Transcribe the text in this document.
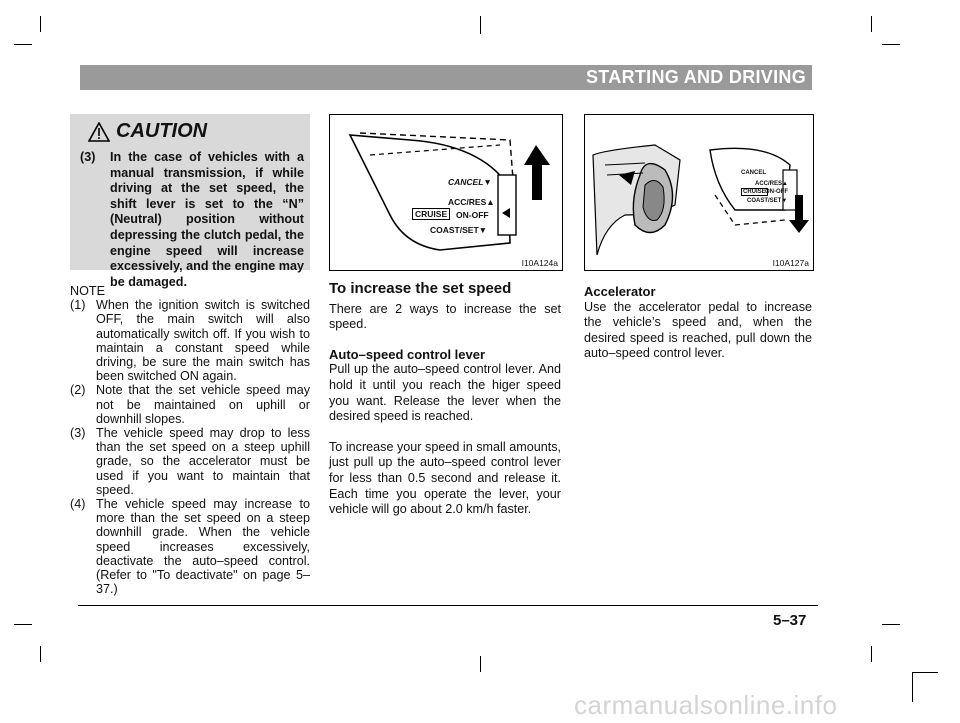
STARTING AND DRIVING
CAUTION
(3)	In the case of vehicles with a manual transmission, if while driving at the set speed, the shift lever is set to the “N” (Neutral) position without depressing the clutch pedal, the engine speed will increase excessively, and the engine may be damaged.
NOTE
(1) When the ignition switch is switched OFF, the main switch will also automatically switch off. If you wish to maintain a constant speed while driving, be sure the main switch has been switched ON again.
(2) Note that the set vehicle speed may not be maintained on uphill or downhill slopes.
(3) The vehicle speed may drop to less than the set speed on a steep uphill grade, so the accelerator must be used if you want to maintain that speed.
(4) The vehicle speed may increase to more than the set speed on a steep downhill grade. When the vehicle speed increases excessively, deactivate the auto–speed control. (Refer to "To deactivate" on page 5–37.)
CANCEL▼
ACC/RES▲
CRUISE	ON-OFF
COAST/SET▼
I10A124a
CANCEL
ACC/RES▲
CRUISE ON-OFF
COAST/SET▼
I10A127a
To increase the set speed

There are 2 ways to increase the set speed.

Auto–speed control lever

Pull up the auto–speed control lever. And hold it until you reach the higer speed you want. Release the lever when the desired speed is reached.

To increase your speed in small amounts, just pull up the auto–speed control lever for less than 0.5 second and release it. Each time you operate the lever, your vehicle will go about 2.0 km/h faster.

Accelerator

Use the accelerator pedal to increase the vehicle’s speed and, when the desired speed is reached, pull down the auto–speed control lever.

5–37
carmanualsonline.info
